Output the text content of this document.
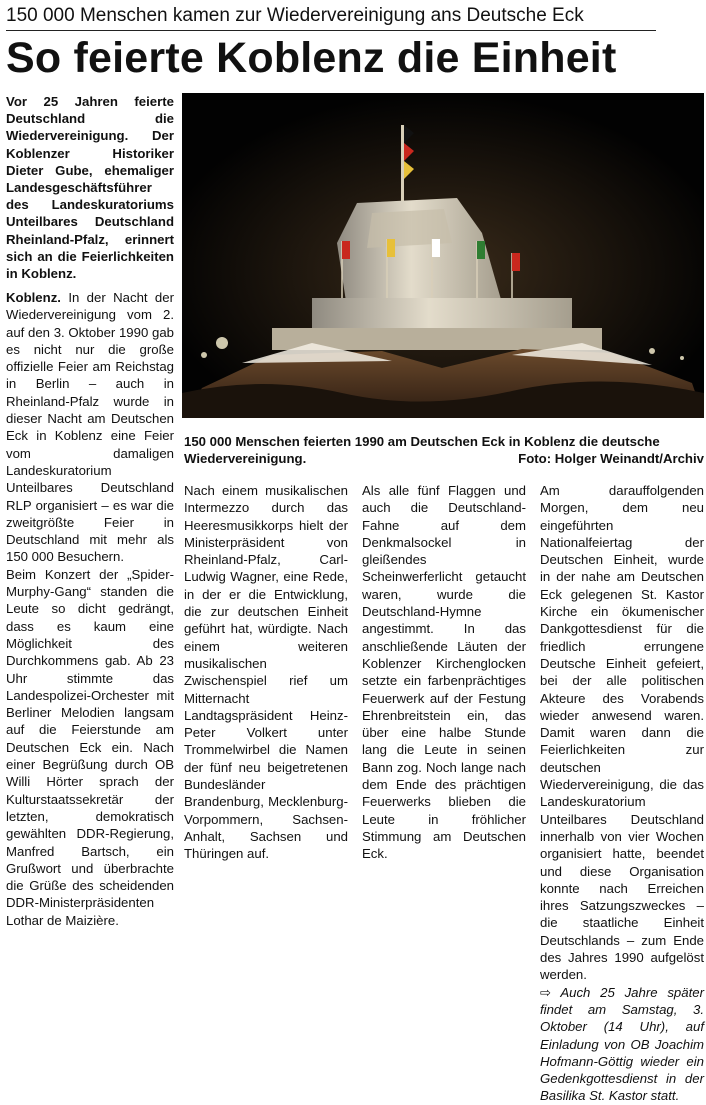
150 000 Menschen kamen zur Wiedervereinigung ans Deutsche Eck
So feierte Koblenz die Einheit
Vor 25 Jahren feierte Deutschland die Wiedervereinigung. Der Koblenzer Historiker Dieter Gube, ehemaliger Landesgeschäftsführer des Landeskuratoriums Unteilbares Deutschland Rheinland-Pfalz, erinnert sich an die Feierlichkeiten in Koblenz.

Koblenz. In der Nacht der Wiedervereinigung vom 2. auf den 3. Oktober 1990 gab es nicht nur die große offizielle Feier am Reichstag in Berlin – auch in Rheinland-Pfalz wurde in dieser Nacht am Deutschen Eck in Koblenz eine Feier vom damaligen Landeskuratorium Unteilbares Deutschland RLP organisiert – es war die zweitgrößte Feier in Deutschland mit mehr als 150 000 Besuchern.

Beim Konzert der „Spider-Murphy-Gang“ standen die Leute so dicht gedrängt, dass es kaum eine Möglichkeit des Durchkommens gab. Ab 23 Uhr stimmte das Landespolizei-Orchester mit Berliner Melodien langsam auf die Feierstunde am Deutschen Eck ein. Nach einer Begrüßung durch OB Willi Hörter sprach der Kulturstaatssekretär der letzten, demokratisch gewählten DDR-Regierung, Manfred Bartsch, ein Grußwort und überbrachte die Grüße des scheidenden DDR-Ministerpräsidenten Lothar de Maizière.

150 000 Menschen feierten 1990 am Deutschen Eck in Koblenz die deutsche Wiedervereinigung.	Foto: Holger Weinandt/Archiv

Nach einem musikalischen Intermezzo durch das Heeresmusikkorps hielt der Ministerpräsident von Rheinland-Pfalz, Carl-Ludwig Wagner, eine Rede, in der er die Entwicklung, die zur deutschen Einheit geführt hat, würdigte. Nach einem weiteren musikalischen Zwischenspiel rief um Mitternacht Landtagspräsident Heinz-Peter Volkert unter Trommelwirbel die Namen der fünf neu beigetretenen Bundesländer Brandenburg, Mecklenburg-Vorpommern, Sachsen-Anhalt, Sachsen und Thüringen auf.

Als alle fünf Flaggen und auch die Deutschland-Fahne auf dem Denkmalsockel in gleißendes Scheinwerferlicht getaucht waren, wurde die Deutschland-Hymne angestimmt. In das anschließende Läuten der Koblenzer Kirchenglocken setzte ein farbenprächtiges Feuerwerk auf der Festung Ehrenbreitstein ein, das über eine halbe Stunde lang die Leute in seinen Bann zog. Noch lange nach dem Ende des prächtigen Feuerwerks blieben die Leute in fröhlicher Stimmung am Deutschen Eck.

Am darauffolgenden Morgen, dem neu eingeführten Nationalfeiertag der Deutschen Einheit, wurde in der nahe am Deutschen Eck gelegenen St. Kastor Kirche ein ökumenischer Dankgottesdienst für die friedlich errungene Deutsche Einheit gefeiert, bei der alle politischen Akteure des Vorabends wieder anwesend waren. Damit waren dann die Feierlichkeiten zur deutschen Wiedervereinigung, die das Landeskuratorium Unteilbares Deutschland innerhalb von vier Wochen organisiert hatte, beendet und diese Organisation konnte nach Erreichen ihres Satzungszweckes – die staatliche Einheit Deutschlands – zum Ende des Jahres 1990 aufgelöst werden.

⇨ Auch 25 Jahre später findet am Samstag, 3. Oktober (14 Uhr), auf Einladung von OB Joachim Hofmann-Göttig wieder ein Gedenkgottesdienst in der Basilika St. Kastor statt.
